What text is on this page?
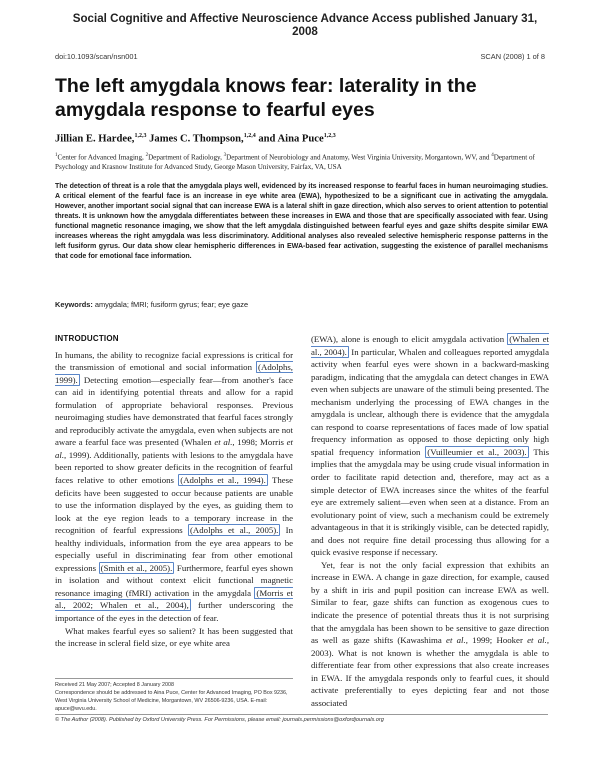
Social Cognitive and Affective Neuroscience Advance Access published January 31, 2008
doi:10.1093/scan/nsn001	SCAN (2008) 1 of 8
The left amygdala knows fear: laterality in the amygdala response to fearful eyes
Jillian E. Hardee,$^{1,2,3}$ James C. Thompson,$^{1,2,4}$ and Aina Puce$^{1,2,3}$
$^1$Center for Advanced Imaging, $^2$Department of Radiology, $^3$Department of Neurobiology and Anatomy, West Virginia University, Morgantown, WV, and $^4$Department of Psychology and Krasnow Institute for Advanced Study, George Mason University, Fairfax, VA, USA
The detection of threat is a role that the amygdala plays well, evidenced by its increased response to fearful faces in human neuroimaging studies. A critical element of the fearful face is an increase in eye white area (EWA), hypothesized to be a significant cue in activating the amygdala. However, another important social signal that can increase EWA is a lateral shift in gaze direction, which also serves to orient attention to potential threats. It is unknown how the amygdala differentiates between these increases in EWA and those that are specifically associated with fear. Using functional magnetic resonance imaging, we show that the left amygdala distinguished between fearful eyes and gaze shifts despite similar EWA increases whereas the right amygdala was less discriminatory. Additional analyses also revealed selective hemispheric response patterns in the left fusiform gyrus. Our data show clear hemispheric differences in EWA-based fear activation, suggesting the existence of parallel mechanisms that code for emotional face information.
Keywords: amygdala; fMRI; fusiform gyrus; fear; eye gaze
INTRODUCTION

In humans, the ability to recognize facial expressions is critical for the transmission of emotional and social information (Adolphs, 1999). Detecting emotion—especially fear—from another's face can aid in identifying potential threats and allow for a rapid formulation of appropriate behavioral responses. Previous neuroimaging studies have demonstrated that fearful faces strongly and reproducibly activate the amygdala, even when subjects are not aware a fearful face was presented (Whalen et al., 1998; Morris et al., 1999). Additionally, patients with lesions to the amygdala have been reported to show greater deficits in the recognition of fearful faces relative to other emotions (Adolphs et al., 1994). These deficits have been suggested to occur because patients are unable to use the information displayed by the eyes, as guiding them to look at the eye region leads to a temporary increase in the recognition of fearful expressions (Adolphs et al., 2005). In healthy individuals, information from the eye area appears to be especially useful in discriminating fear from other emotional expressions (Smith et al., 2005). Furthermore, fearful eyes shown in isolation and without context elicit functional magnetic resonance imaging (fMRI) activation in the amygdala (Morris et al., 2002; Whalen et al., 2004), further underscoring the importance of the eyes in the detection of fear.

What makes fearful eyes so salient? It has been suggested that the increase in scleral field size, or eye white area

(EWA), alone is enough to elicit amygdala activation (Whalen et al., 2004). In particular, Whalen and colleagues reported amygdala activity when fearful eyes were shown in a backward-masking paradigm, indicating that the amygdala can detect changes in EWA even when subjects are unaware of the stimuli being presented. The mechanism underlying the processing of EWA changes in the amygdala is unclear, although there is evidence that the amygdala can respond to coarse representations of faces made of low spatial frequency information as opposed to those depicting only high spatial frequency information (Vuilleumier et al., 2003). This implies that the amygdala may be using crude visual information in order to facilitate rapid detection and, therefore, may act as a simple detector of EWA increases since the whites of the fearful eye are extremely salient—even when seen at a distance. From an evolutionary point of view, such a mechanism could be extremely advantageous in that it is strikingly visible, can be detected rapidly, and does not require fine detail processing thus allowing for a quick evasive response if necessary.

Yet, fear is not the only facial expression that exhibits an increase in EWA. A change in gaze direction, for example, caused by a shift in iris and pupil position can increase EWA as well. Similar to fear, gaze shifts can function as exogenous cues to indicate the presence of potential threats thus it is not surprising that the amygdala has been shown to be sensitive to gaze direction as well as gaze shifts (Kawashima et al., 1999; Hooker et al., 2003). What is not known is whether the amygdala is able to differentiate fear from other expressions that also create increases in EWA. If the amygdala responds only to fearful cues, it should activate preferentially to eyes depicting fear and not those associated

Received 21 May 2007; Accepted 8 January 2008

Correspondence should be addressed to Aina Puce, Center for Advanced Imaging, PO Box 9236, West Virginia University School of Medicine, Morgantown, WV 26506-9236, USA. E-mail: apuce@wvu.edu.

© The Author (2008). Published by Oxford University Press. For Permissions, please email: journals.permissions@oxfordjournals.org
